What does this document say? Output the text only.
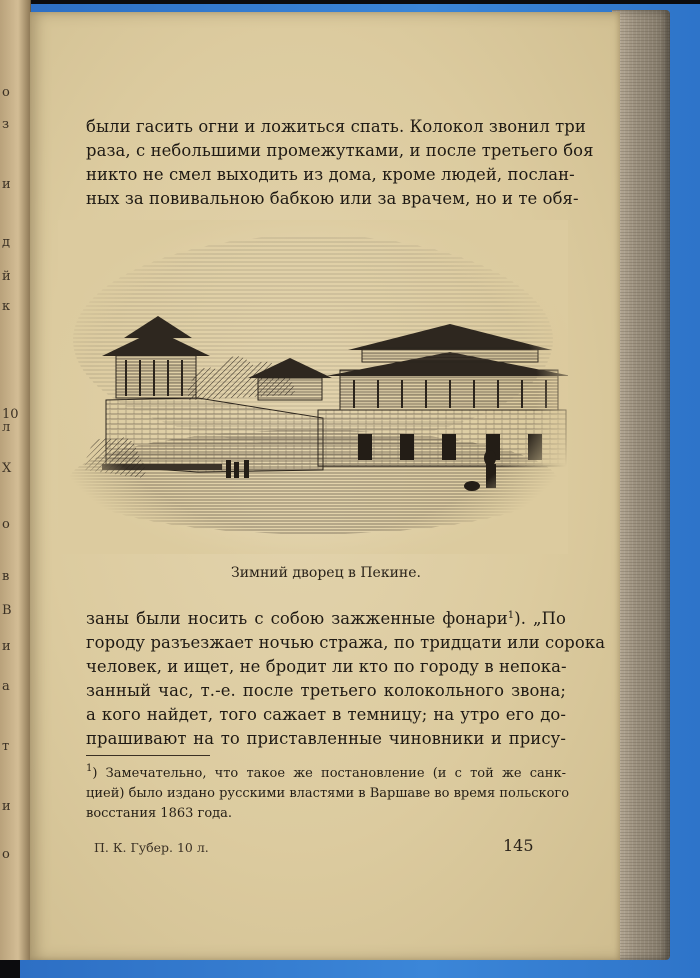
о
з
и
д
й
к
10 л
Х
о
в
В
и
а
т
и
о
были гасить огни и ложиться спать. Колокол звонил три
раза, с небольшими промежутками, и после третьего боя
никто не смел выходить из дома, кроме людей, послан-
ных за повивальною бабкою или за врачем, но и те обя-
Зимний дворец в Пекине.
заны были носить с собою зажженные фонари$^1$). „По
городу разъезжает ночью стража, по тридцати или сорока
человек, и ищет, не бродит ли кто по городу в непока-
занный час, т.-е. после третьего колокольного звона;
а кого найдет, того сажает в темницу; на утро его до-
прашивают на то приставленные чиновники и прису-
$^1$) Замечательно, что такое же постановление (и с той же санк-
цией) было издано русскими властями в Варшаве во время польского
восстания 1863 года.
П. К. Губер. 10 л.	145
